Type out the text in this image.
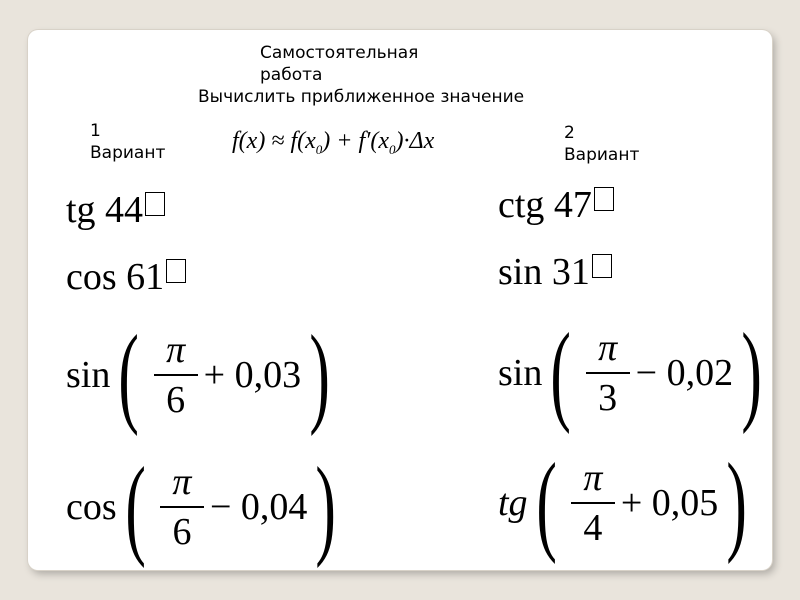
Самостоятельная работа
Вычислить приближенное значение
1 Вариант
2 Вариант
$f(x) \approx f(x_0) + f'(x_0)\cdot\Delta x$
tg 44
cos 61
sin ( $\frac{\pi}{6} + 0,03$ )
cos ( $\frac{\pi}{6} - 0,04$ )
ctg 47
sin 31
sin ( $\frac{\pi}{3} - 0,02$ )
tg ( $\frac{\pi}{4} + 0,05$ )
